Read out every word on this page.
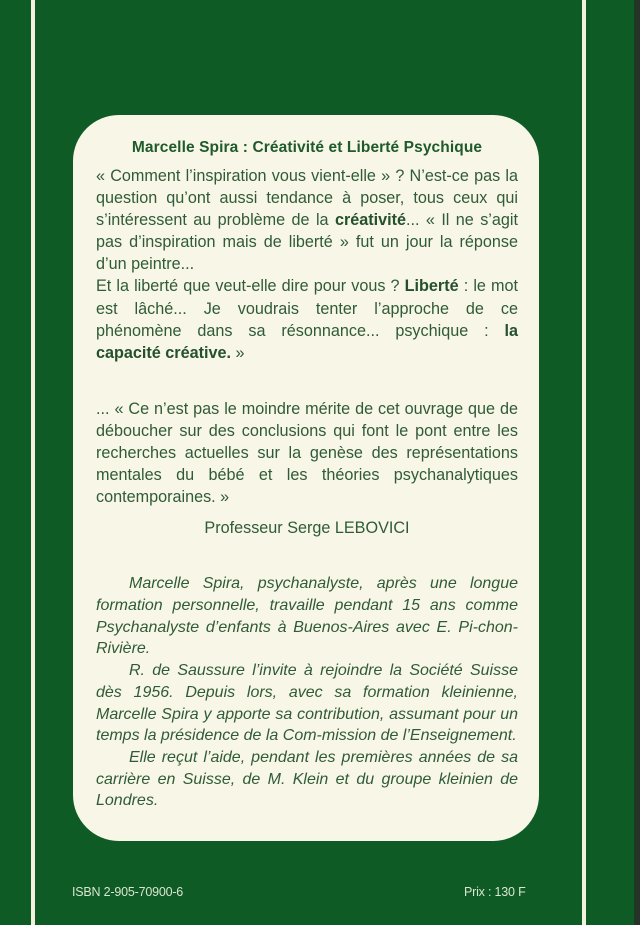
Marcelle Spira : Créativité et Liberté Psychique

« Comment l’inspiration vous vient-elle » ? N’est-ce pas la question qu’ont aussi tendance à poser, tous ceux qui s’intéressent au problème de la créativité... « Il ne s’agit pas d’inspiration mais de liberté » fut un jour la réponse d’un peintre...
Et la liberté que veut-elle dire pour vous ? Liberté : le mot est lâché... Je voudrais tenter l’approche de ce phénomène dans sa résonnance... psychique : la capacité créative. »

... « Ce n’est pas le moindre mérite de cet ouvrage que de déboucher sur des conclusions qui font le pont entre les recherches actuelles sur la genèse des représentations mentales du bébé et les théories psychanalytiques contemporaines. »

Professeur Serge LEBOVICI

Marcelle Spira, psychanalyste, après une longue formation personnelle, travaille pendant 15 ans comme Psychanalyste d’enfants à Buenos-Aires avec E. Pi-chon-Rivière.

R. de Saussure l’invite à rejoindre la Société Suisse dès 1956. Depuis lors, avec sa formation kleinienne, Marcelle Spira y apporte sa contribution, assumant pour un temps la présidence de la Com-mission de l’Enseignement.

Elle reçut l’aide, pendant les premières années de sa carrière en Suisse, de M. Klein et du groupe kleinien de Londres.

ISBN 2-905-70900-6	Prix : 130 F
